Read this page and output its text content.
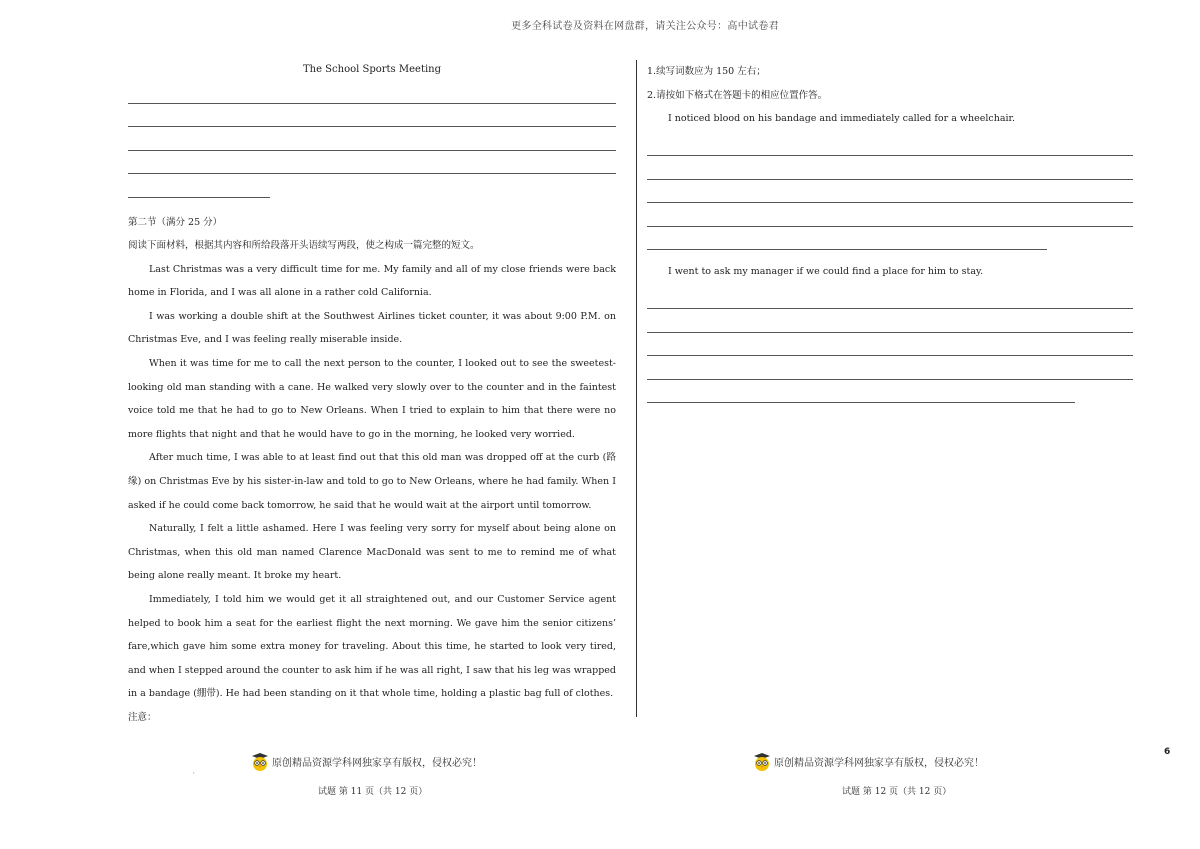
更多全科试卷及资料在网盘群，请关注公众号：高中试卷君
The School Sports Meeting
第二节（满分 25 分）
阅读下面材料，根据其内容和所给段落开头语续写两段，使之构成一篇完整的短文。
Last Christmas was a very difficult time for me. My family and all of my close friends were back home in Florida, and I was all alone in a rather cold California.
I was working a double shift at the Southwest Airlines ticket counter, it was about 9:00 P.M. on Christmas Eve, and I was feeling really miserable inside.
When it was time for me to call the next person to the counter, I looked out to see the sweetest-looking old man standing with a cane. He walked very slowly over to the counter and in the faintest voice told me that he had to go to New Orleans. When I tried to explain to him that there were no more flights that night and that he would have to go in the morning, he looked very worried.
After much time, I was able to at least find out that this old man was dropped off at the curb (路缘) on Christmas Eve by his sister-in-law and told to go to New Orleans, where he had family. When I asked if he could come back tomorrow, he said that he would wait at the airport until tomorrow.
Naturally, I felt a little ashamed. Here I was feeling very sorry for myself about being alone on Christmas, when this old man named Clarence MacDonald was sent to me to remind me of what being alone really meant. It broke my heart.
Immediately, I told him we would get it all straightened out, and our Customer Service agent helped to book him a seat for the earliest flight the next morning. We gave him the senior citizens’ fare,which gave him some extra money for traveling. About this time, he started to look very tired, and when I stepped around the counter to ask him if he was all right, I saw that his leg was wrapped in a bandage (绷带). He had been standing on it that whole time, holding a plastic bag full of clothes.
注意：
1.续写词数应为 150 左右；
2.请按如下格式在答题卡的相应位置作答。
I noticed blood on his bandage and immediately called for a wheelchair.
I went to ask my manager if we could find a place for him to stay.
原创精品资源学科网独家享有版权，侵权必究！	原创精品资源学科网独家享有版权，侵权必究！
'
试题 第 11 页（共 12 页）	试题 第 12 页（共 12 页）
6
